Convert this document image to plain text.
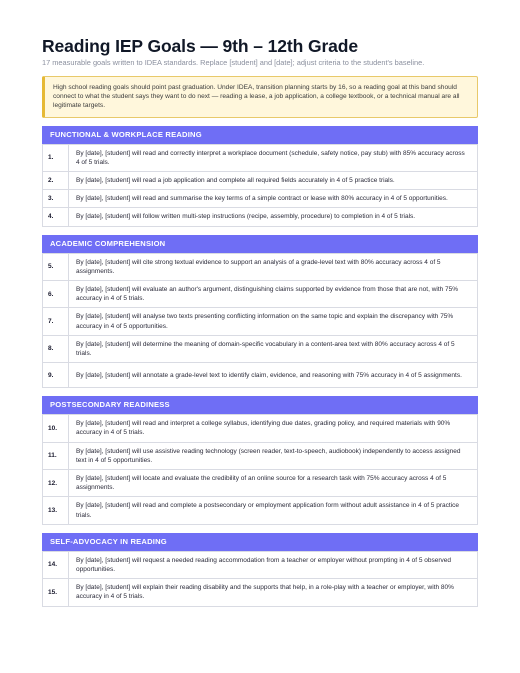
Reading IEP Goals — 9th – 12th Grade
17 measurable goals written to IDEA standards. Replace [student] and [date]; adjust criteria to the student's baseline.
High school reading goals should point past graduation. Under IDEA, transition planning starts by 16, so a reading goal at this band should connect to what the student says they want to do next — reading a lease, a job application, a college textbook, or a technical manual are all legitimate targets.
FUNCTIONAL & WORKPLACE READING
1.	By [date], [student] will read and correctly interpret a workplace document (schedule, safety notice, pay stub) with 85% accuracy across 4 of 5 trials.
2.	By [date], [student] will read a job application and complete all required fields accurately in 4 of 5 practice trials.
3.	By [date], [student] will read and summarise the key terms of a simple contract or lease with 80% accuracy in 4 of 5 opportunities.
4.	By [date], [student] will follow written multi-step instructions (recipe, assembly, procedure) to completion in 4 of 5 trials.
ACADEMIC COMPREHENSION
5.	By [date], [student] will cite strong textual evidence to support an analysis of a grade-level text with 80% accuracy across 4 of 5 assignments.
6.	By [date], [student] will evaluate an author's argument, distinguishing claims supported by evidence from those that are not, with 75% accuracy in 4 of 5 trials.
7.	By [date], [student] will analyse two texts presenting conflicting information on the same topic and explain the discrepancy with 75% accuracy in 4 of 5 opportunities.
8.	By [date], [student] will determine the meaning of domain-specific vocabulary in a content-area text with 80% accuracy across 4 of 5 trials.
9.	By [date], [student] will annotate a grade-level text to identify claim, evidence, and reasoning with 75% accuracy in 4 of 5 assignments.
POSTSECONDARY READINESS
10.	By [date], [student] will read and interpret a college syllabus, identifying due dates, grading policy, and required materials with 90% accuracy in 4 of 5 trials.
11.	By [date], [student] will use assistive reading technology (screen reader, text-to-speech, audiobook) independently to access assigned text in 4 of 5 opportunities.
12.	By [date], [student] will locate and evaluate the credibility of an online source for a research task with 75% accuracy across 4 of 5 assignments.
13.	By [date], [student] will read and complete a postsecondary or employment application form without adult assistance in 4 of 5 practice trials.
SELF-ADVOCACY IN READING
14.	By [date], [student] will request a needed reading accommodation from a teacher or employer without prompting in 4 of 5 observed opportunities.
15.	By [date], [student] will explain their reading disability and the supports that help, in a role-play with a teacher or employer, with 80% accuracy in 4 of 5 trials.
